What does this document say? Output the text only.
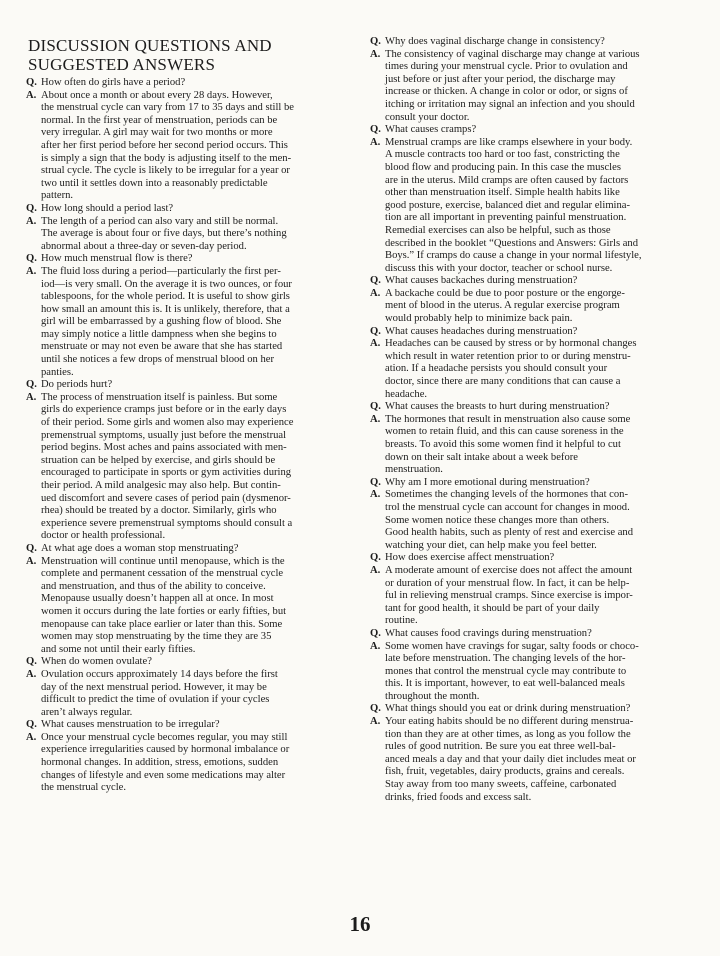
DISCUSSION QUESTIONS AND
SUGGESTED ANSWERS
Q. How often do girls have a period?
A. About once a month or about every 28 days. However,
the menstrual cycle can vary from 17 to 35 days and still be
normal. In the first year of menstruation, periods can be
very irregular. A girl may wait for two months or more
after her first period before her second period occurs. This
is simply a sign that the body is adjusting itself to the men-
strual cycle. The cycle is likely to be irregular for a year or
two until it settles down into a reasonably predictable
pattern.
Q. How long should a period last?
A. The length of a period can also vary and still be normal.
The average is about four or five days, but there’s nothing
abnormal about a three-day or seven-day period.
Q. How much menstrual flow is there?
A. The fluid loss during a period—particularly the first per-
iod—is very small. On the average it is two ounces, or four
tablespoons, for the whole period. It is useful to show girls
how small an amount this is. It is unlikely, therefore, that a
girl will be embarrassed by a gushing flow of blood. She
may simply notice a little dampness when she begins to
menstruate or may not even be aware that she has started
until she notices a few drops of menstrual blood on her
panties.
Q. Do periods hurt?
A. The process of menstruation itself is painless. But some
girls do experience cramps just before or in the early days
of their period. Some girls and women also may experience
premenstrual symptoms, usually just before the menstrual
period begins. Most aches and pains associated with men-
struation can be helped by exercise, and girls should be
encouraged to participate in sports or gym activities during
their period. A mild analgesic may also help. But contin-
ued discomfort and severe cases of period pain (dysmenor-
rhea) should be treated by a doctor. Similarly, girls who
experience severe premenstrual symptoms should consult a
doctor or health professional.
Q. At what age does a woman stop menstruating?
A. Menstruation will continue until menopause, which is the
complete and permanent cessation of the menstrual cycle
and menstruation, and thus of the ability to conceive.
Menopause usually doesn’t happen all at once. In most
women it occurs during the late forties or early fifties, but
menopause can take place earlier or later than this. Some
women may stop menstruating by the time they are 35
and some not until their early fifties.
Q. When do women ovulate?
A. Ovulation occurs approximately 14 days before the first
day of the next menstrual period. However, it may be
difficult to predict the time of ovulation if your cycles
aren’t always regular.
Q. What causes menstruation to be irregular?
A. Once your menstrual cycle becomes regular, you may still
experience irregularities caused by hormonal imbalance or
hormonal changes. In addition, stress, emotions, sudden
changes of lifestyle and even some medications may alter
the menstrual cycle.
Q. Why does vaginal discharge change in consistency?
A. The consistency of vaginal discharge may change at various
times during your menstrual cycle. Prior to ovulation and
just before or just after your period, the discharge may
increase or thicken. A change in color or odor, or signs of
itching or irritation may signal an infection and you should
consult your doctor.
Q. What causes cramps?
A. Menstrual cramps are like cramps elsewhere in your body.
A muscle contracts too hard or too fast, constricting the
blood flow and producing pain. In this case the muscles
are in the uterus. Mild cramps are often caused by factors
other than menstruation itself. Simple health habits like
good posture, exercise, balanced diet and regular elimina-
tion are all important in preventing painful menstruation.
Remedial exercises can also be helpful, such as those
described in the booklet “Questions and Answers: Girls and
Boys.” If cramps do cause a change in your normal lifestyle,
discuss this with your doctor, teacher or school nurse.
Q. What causes backaches during menstruation?
A. A backache could be due to poor posture or the engorge-
ment of blood in the uterus. A regular exercise program
would probably help to minimize back pain.
Q. What causes headaches during menstruation?
A. Headaches can be caused by stress or by hormonal changes
which result in water retention prior to or during menstru-
ation. If a headache persists you should consult your
doctor, since there are many conditions that can cause a
headache.
Q. What causes the breasts to hurt during menstruation?
A. The hormones that result in menstruation also cause some
women to retain fluid, and this can cause soreness in the
breasts. To avoid this some women find it helpful to cut
down on their salt intake about a week before
menstruation.
Q. Why am I more emotional during menstruation?
A. Sometimes the changing levels of the hormones that con-
trol the menstrual cycle can account for changes in mood.
Some women notice these changes more than others.
Good health habits, such as plenty of rest and exercise and
watching your diet, can help make you feel better.
Q. How does exercise affect menstruation?
A. A moderate amount of exercise does not affect the amount
or duration of your menstrual flow. In fact, it can be help-
ful in relieving menstrual cramps. Since exercise is impor-
tant for good health, it should be part of your daily
routine.
Q. What causes food cravings during menstruation?
A. Some women have cravings for sugar, salty foods or choco-
late before menstruation. The changing levels of the hor-
mones that control the menstrual cycle may contribute to
this. It is important, however, to eat well-balanced meals
throughout the month.
Q. What things should you eat or drink during menstruation?
A. Your eating habits should be no different during menstrua-
tion than they are at other times, as long as you follow the
rules of good nutrition. Be sure you eat three well-bal-
anced meals a day and that your daily diet includes meat or
fish, fruit, vegetables, dairy products, grains and cereals.
Stay away from too many sweets, caffeine, carbonated
drinks, fried foods and excess salt.
16
